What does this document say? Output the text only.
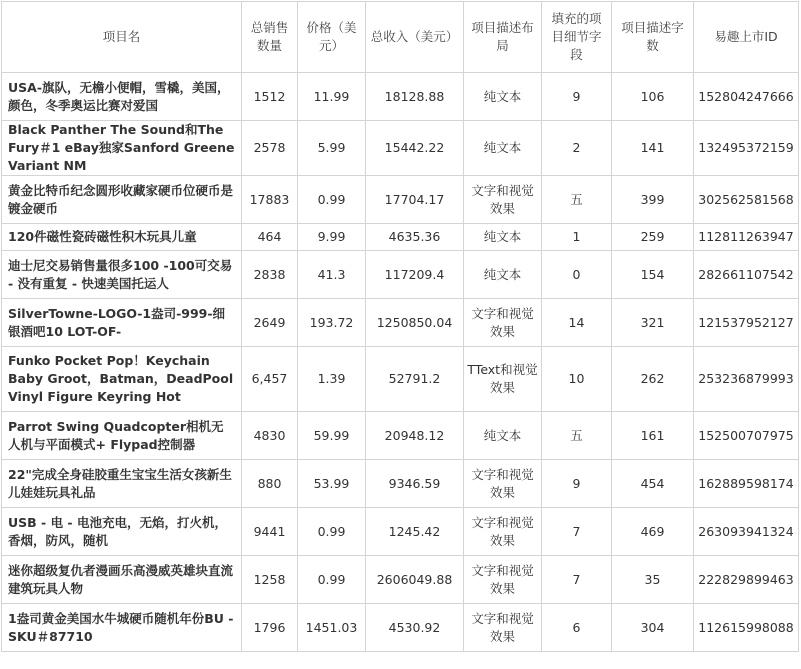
项目名	总销售数量	价格（美元）	总收入（美元）	项目描述布局	填充的项目细节字段	项目描述字数	易趣上市ID
USA-旗队，无檐小便帽，雪橇，美国，颜色，冬季奥运比赛对爱国	1512	11.99	18128.88	纯文本	9	106	152804247666
Black Panther The Sound和The Fury＃1 eBay独家Sanford Greene Variant NM	2578	5.99	15442.22	纯文本	2	141	132495372159
黄金比特币纪念圆形收藏家硬币位硬币是镀金硬币	17883	0.99	17704.17	文字和视觉效果	五	399	302562581568
120件磁性瓷砖磁性积木玩具儿童	464	9.99	4635.36	纯文本	1	259	112811263947
迪士尼交易销售量很多100 -100可交易 - 没有重复 - 快速美国托运人	2838	41.3	117209.4	纯文本	0	154	282661107542
SilverTowne-LOGO-1盎司-999-细银酒吧10 LOT-OF-	2649	193.72	1250850.04	文字和视觉效果	14	321	121537952127
Funko Pocket Pop！Keychain Baby Groot，Batman，DeadPool Vinyl Figure Keyring Hot	6,457	1.39	52791.2	TText和视觉效果	10	262	253236879993
Parrot Swing Quadcopter相机无人机与平面模式+ Flypad控制器	4830	59.99	20948.12	纯文本	五	161	152500707975
22"完成全身硅胶重生宝宝生活女孩新生儿娃娃玩具礼品	880	53.99	9346.59	文字和视觉效果	9	454	162889598174
USB - 电 - 电池充电，无焰，打火机，香烟，防风，随机	9441	0.99	1245.42	文字和视觉效果	7	469	263093941324
迷你超级复仇者漫画乐高漫威英雄块直流建筑玩具人物	1258	0.99	2606049.88	文字和视觉效果	7	35	222829899463
1盎司黄金美国水牛城硬币随机年份BU - SKU＃87710	1796	1451.03	4530.92	文字和视觉效果	6	304	112615998088
